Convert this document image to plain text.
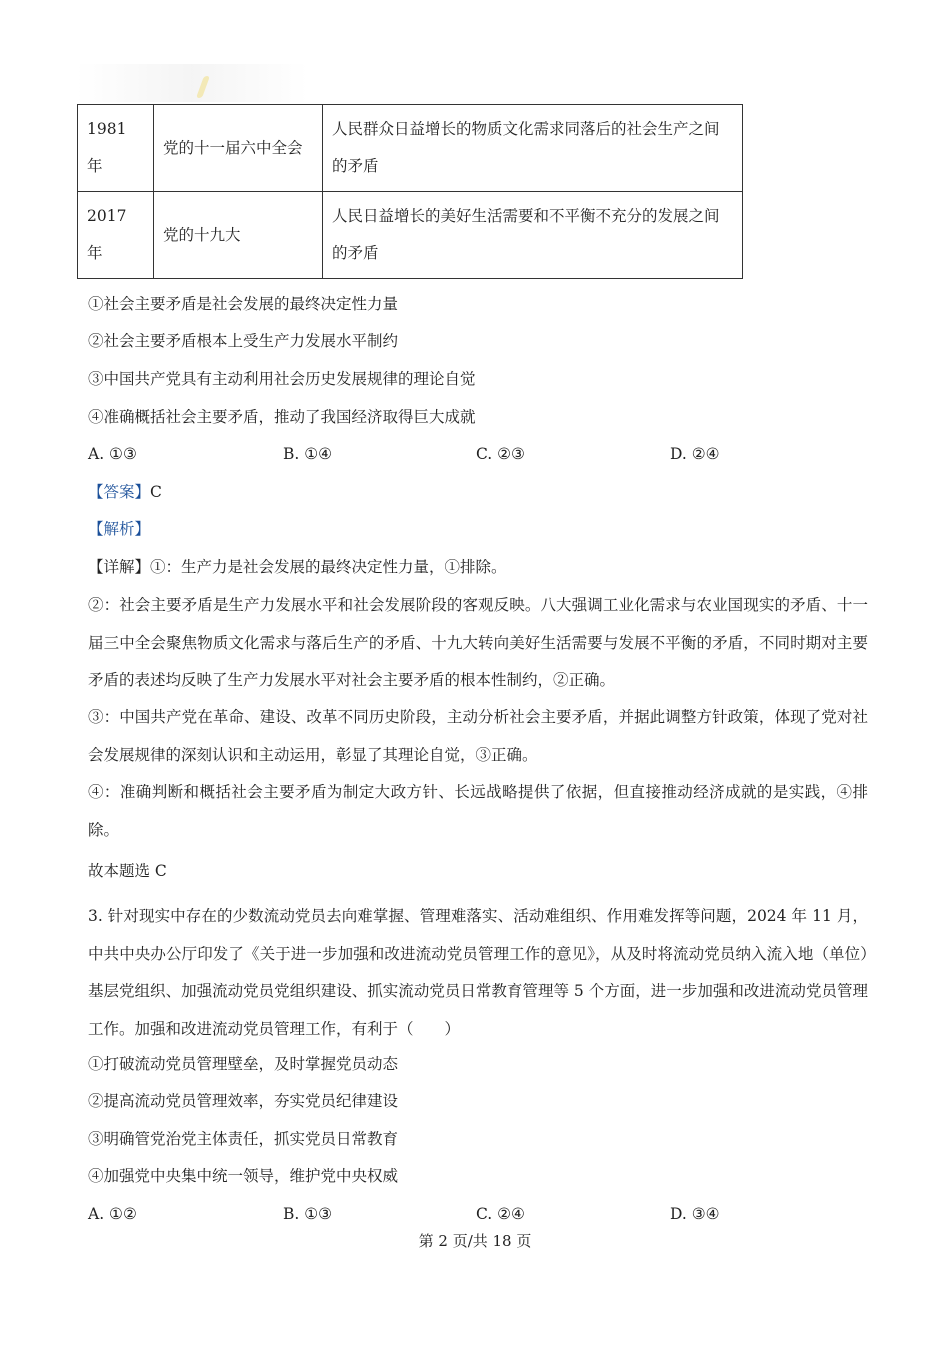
1981 年	党的十一届六中全会	人民群众日益增长的物质文化需求同落后的社会生产之间的矛盾
2017 年	党的十九大	人民日益增长的美好生活需要和不平衡不充分的发展之间的矛盾
①社会主要矛盾是社会发展的最终决定性力量
②社会主要矛盾根本上受生产力发展水平制约
③中国共产党具有主动利用社会历史发展规律的理论自觉
④准确概括社会主要矛盾，推动了我国经济取得巨大成就
A. ①③	B. ①④	C. ②③	D. ②④
【答案】C
【解析】
【详解】①：生产力是社会发展的最终决定性力量，①排除。
②：社会主要矛盾是生产力发展水平和社会发展阶段的客观反映。八大强调工业化需求与农业国现实的矛盾、十一届三中全会聚焦物质文化需求与落后生产的矛盾、十九大转向美好生活需要与发展不平衡的矛盾，不同时期对主要矛盾的表述均反映了生产力发展水平对社会主要矛盾的根本性制约，②正确。
③：中国共产党在革命、建设、改革不同历史阶段，主动分析社会主要矛盾，并据此调整方针政策，体现了党对社会发展规律的深刻认识和主动运用，彰显了其理论自觉，③正确。
④：准确判断和概括社会主要矛盾为制定大政方针、长远战略提供了依据，但直接推动经济成就的是实践，④排除。
故本题选 C
3. 针对现实中存在的少数流动党员去向难掌握、管理难落实、活动难组织、作用难发挥等问题，2024 年 11 月，中共中央办公厅印发了《关于进一步加强和改进流动党员管理工作的意见》，从及时将流动党员纳入流入地（单位）基层党组织、加强流动党员党组织建设、抓实流动党员日常教育管理等 5 个方面，进一步加强和改进流动党员管理工作。加强和改进流动党员管理工作，有利于（　　）
①打破流动党员管理壁垒，及时掌握党员动态
②提高流动党员管理效率，夯实党员纪律建设
③明确管党治党主体责任，抓实党员日常教育
④加强党中央集中统一领导，维护党中央权威
A. ①②	B. ①③	C. ②④	D. ③④
第 2 页/共 18 页
